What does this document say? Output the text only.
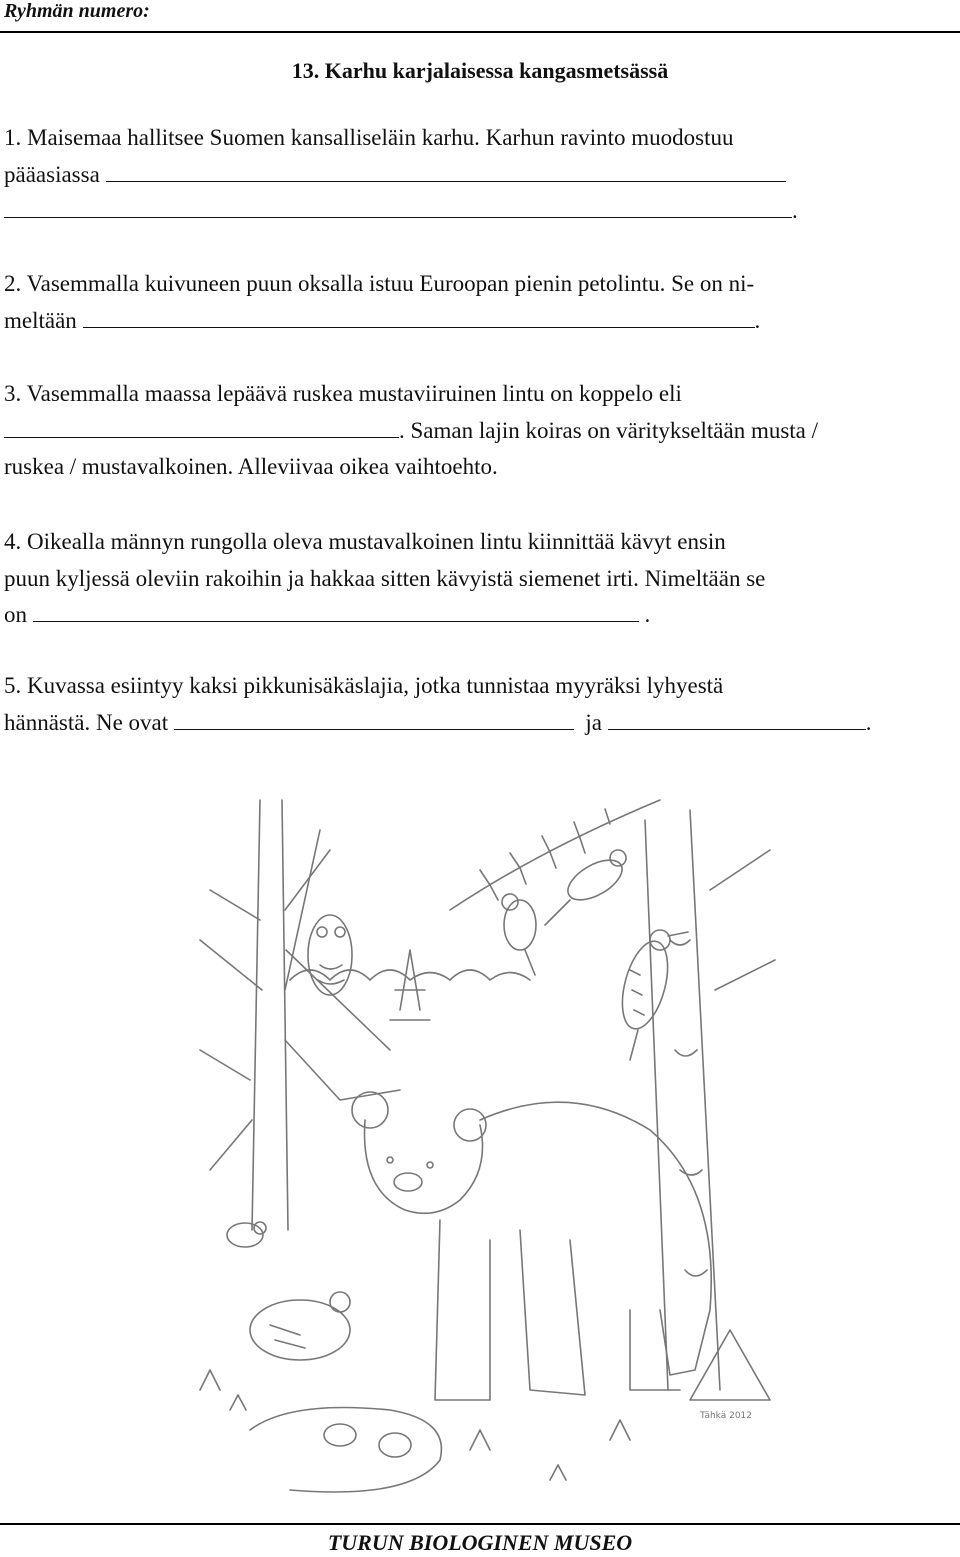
Ryhmän numero:
13. Karhu karjalaisessa kangasmetsässä
1. Maisemaa hallitsee Suomen kansalliseläin karhu. Karhun ravinto muodostuu
pääasiassa
.
2. Vasemmalla kuivuneen puun oksalla istuu Euroopan pienin petolintu. Se on ni-
meltään	.
3. Vasemmalla maassa lepäävä ruskea mustaviiruinen lintu on koppelo eli
. Saman lajin koiras on väritykseltään musta /
ruskea / mustavalkoinen. Alleviivaa oikea vaihtoehto.
4. Oikealla männyn rungolla oleva mustavalkoinen lintu kiinnittää kävyt ensin
puun kyljessä oleviin rakoihin ja hakkaa sitten kävyistä siemenet irti. Nimeltään se
on	.
5. Kuvassa esiintyy kaksi pikkunisäkäslajia, jotka tunnistaa myyräksi lyhyestä
hännästä. Ne ovat	ja	.
Tähkä 2012
TURUN BIOLOGINEN MUSEO
